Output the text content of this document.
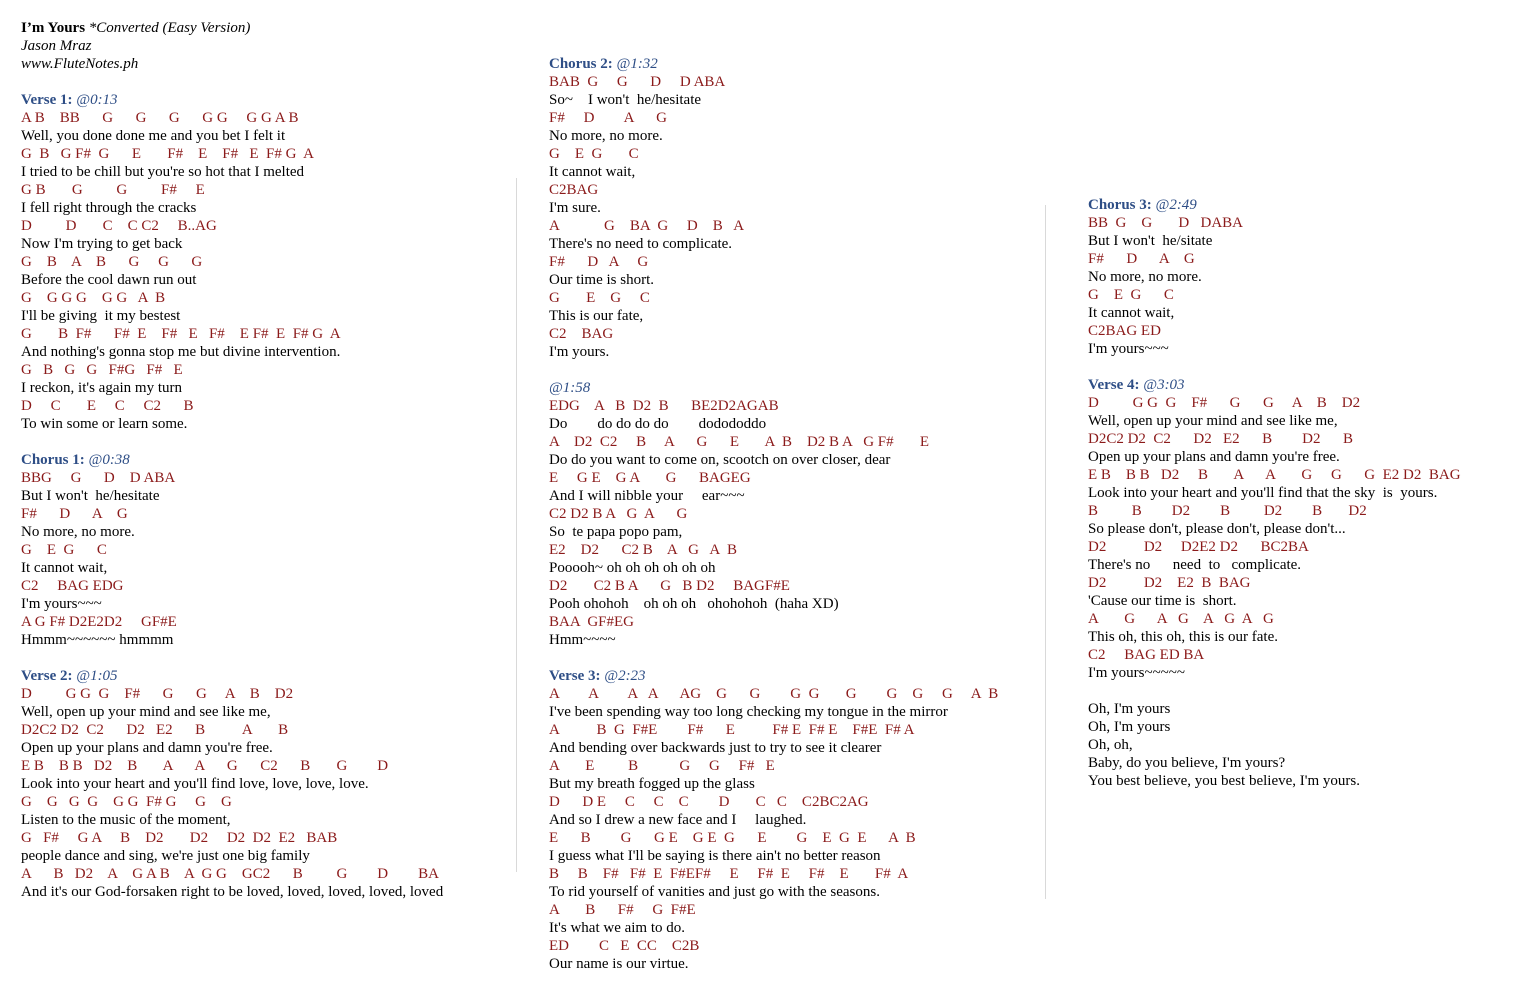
I’m Yours *Converted (Easy Version)
Jason Mraz
www.FluteNotes.ph
Verse 1: @0:13
A B    BB      G      G      G      G G     G G A B
Well, you done done me and you bet I felt it
G  B   G F#  G      E       F#    E    F#   E  F# G  A
I tried to be chill but you're so hot that I melted
G B       G         G         F#     E
I fell right through the cracks
D         D       C    C C2     B..AG
Now I'm trying to get back
G    B    A    B      G     G      G
Before the cool dawn run out
G    G G G    G G   A  B
I'll be giving  it my bestest
G       B  F#      F#  E    F#   E   F#    E F#  E  F# G  A
And nothing's gonna stop me but divine intervention.
G   B   G   G   F#G   F#   E
I reckon, it's again my turn
D     C       E     C     C2      B
To win some or learn some.
Chorus 1: @0:38
BBG     G      D    D ABA
But I won't  he/hesitate
F#      D      A    G
No more, no more.
G    E  G      C
It cannot wait,
C2     BAG EDG
I'm yours~~~
A G F# D2E2D2     GF#E
Hmmm~~~~~~ hmmmm
Verse 2: @1:05
D         G G  G    F#      G      G     A    B    D2
Well, open up your mind and see like me,
D2C2 D2  C2      D2   E2      B          A       B
Open up your plans and damn you're free.
E B    B B   D2    B       A      A      G      C2      B       G        D
Look into your heart and you'll find love, love, love, love.
G    G   G  G    G G  F# G     G    G
Listen to the music of the moment,
G   F#     G A     B    D2       D2     D2  D2  E2   BAB
people dance and sing, we're just one big family
A      B   D2    A    G A B    A  G G    GC2      B         G        D        BA
And it's our God-forsaken right to be loved, loved, loved, loved, loved
Chorus 2: @1:32
BAB  G     G      D     D ABA
So~    I won't  he/hesitate
F#     D        A      G
No more, no more.
G    E  G       C
It cannot wait,
C2BAG
I'm sure.
A            G    BA  G     D    B   A
There's no need to complicate.
F#      D   A     G
Our time is short.
G       E    G     C
This is our fate,
C2    BAG
I'm yours.
@1:58
EDG    A   B  D2  B      BE2D2AGAB
Do        do do do do        dodododdo
A    D2  C2     B     A      G      E       A  B    D2 B A   G F#       E
Do do you want to come on, scootch on over closer, dear
E     G E    G A       G      BAGEG
And I will nibble your     ear~~~
C2 D2 B A   G  A      G
So  te papa popo pam,
E2    D2      C2 B    A   G   A  B
Pooooh~ oh oh oh oh oh oh
D2       C2 B A      G   B D2     BAGF#E
Pooh ohohoh    oh oh oh   ohohohoh  (haha XD)
BAA  GF#EG
Hmm~~~~
Verse 3: @2:23
A        A        A   A      AG    G      G        G  G       G        G    G     G     A  B
I've been spending way too long checking my tongue in the mirror
A          B  G  F#E        F#      E          F# E  F# E    F#E  F# A
And bending over backwards just to try to see it clearer
A       E         B           G     G     F#   E
But my breath fogged up the glass
D      D E     C     C    C        D       C   C    C2BC2AG
And so I drew a new face and I     laughed.
E      B        G      G E    G E  G      E        G    E  G  E      A  B
I guess what I'll be saying is there ain't no better reason
B     B    F#   F#  E  F#EF#     E     F#  E     F#    E       F#  A
To rid yourself of vanities and just go with the seasons.
A       B      F#     G  F#E
It's what we aim to do.
ED        C   E  CC    C2B
Our name is our virtue.
Chorus 3: @2:49
BB  G    G       D   DABA
But I won't  he/sitate
F#      D      A    G
No more, no more.
G    E  G      C
It cannot wait,
C2BAG ED
I'm yours~~~
Verse 4: @3:03
D         G G  G    F#      G      G     A    B    D2
Well, open up your mind and see like me,
D2C2 D2  C2      D2   E2      B        D2      B
Open up your plans and damn you're free.
E B    B B   D2     B       A      A       G     G      G  E2 D2  BAG
Look into your heart and you'll find that the sky  is  yours.
B         B        D2        B         D2        B       D2
So please don't, please don't, please don't...
D2          D2     D2E2 D2      BC2BA
There's no      need  to   complicate.
D2          D2    E2  B  BAG
'Cause our time is  short.
A       G      A   G    A   G  A   G
This oh, this oh, this is our fate.
C2     BAG ED BA
I'm yours~~~~~
Oh, I'm yours
Oh, I'm yours
Oh, oh,
Baby, do you believe, I'm yours?
You best believe, you best believe, I'm yours.
